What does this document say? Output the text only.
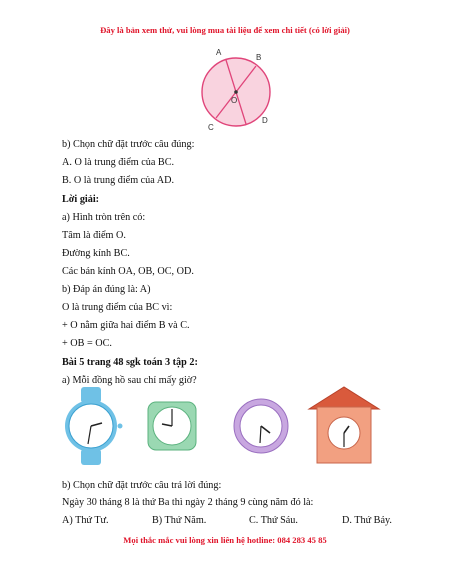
Đây là bản xem thử, vui lòng mua tài liệu để xem chi tiết (có lời giải)
A
B
O
C
D
b) Chọn chữ đặt trước câu đúng:
A. O là trung điểm của BC.
B. O là trung điểm của AD.
Lời giải:
a) Hình tròn trên có:
Tâm là điểm O.
Đường kính BC.
Các bán kính OA, OB, OC, OD.
b) Đáp án đúng là: A)
O là trung điểm của BC vì:
+ O nằm giữa hai điểm B và C.
+ OB = OC.
Bài 5 trang 48 sgk toán 3 tập 2:
a) Mỗi đồng hồ sau chỉ mấy giờ?
b) Chọn chữ đặt trước câu trả lời đúng:
Ngày 30 tháng 8 là thứ Ba thì ngày 2 tháng 9 cùng năm đó là:
A) Thứ Tư.	B) Thứ Năm.	C. Thứ Sáu.	D. Thứ Bảy.
Mọi thắc mắc vui lòng xin liên hệ hotline: 084 283 45 85
